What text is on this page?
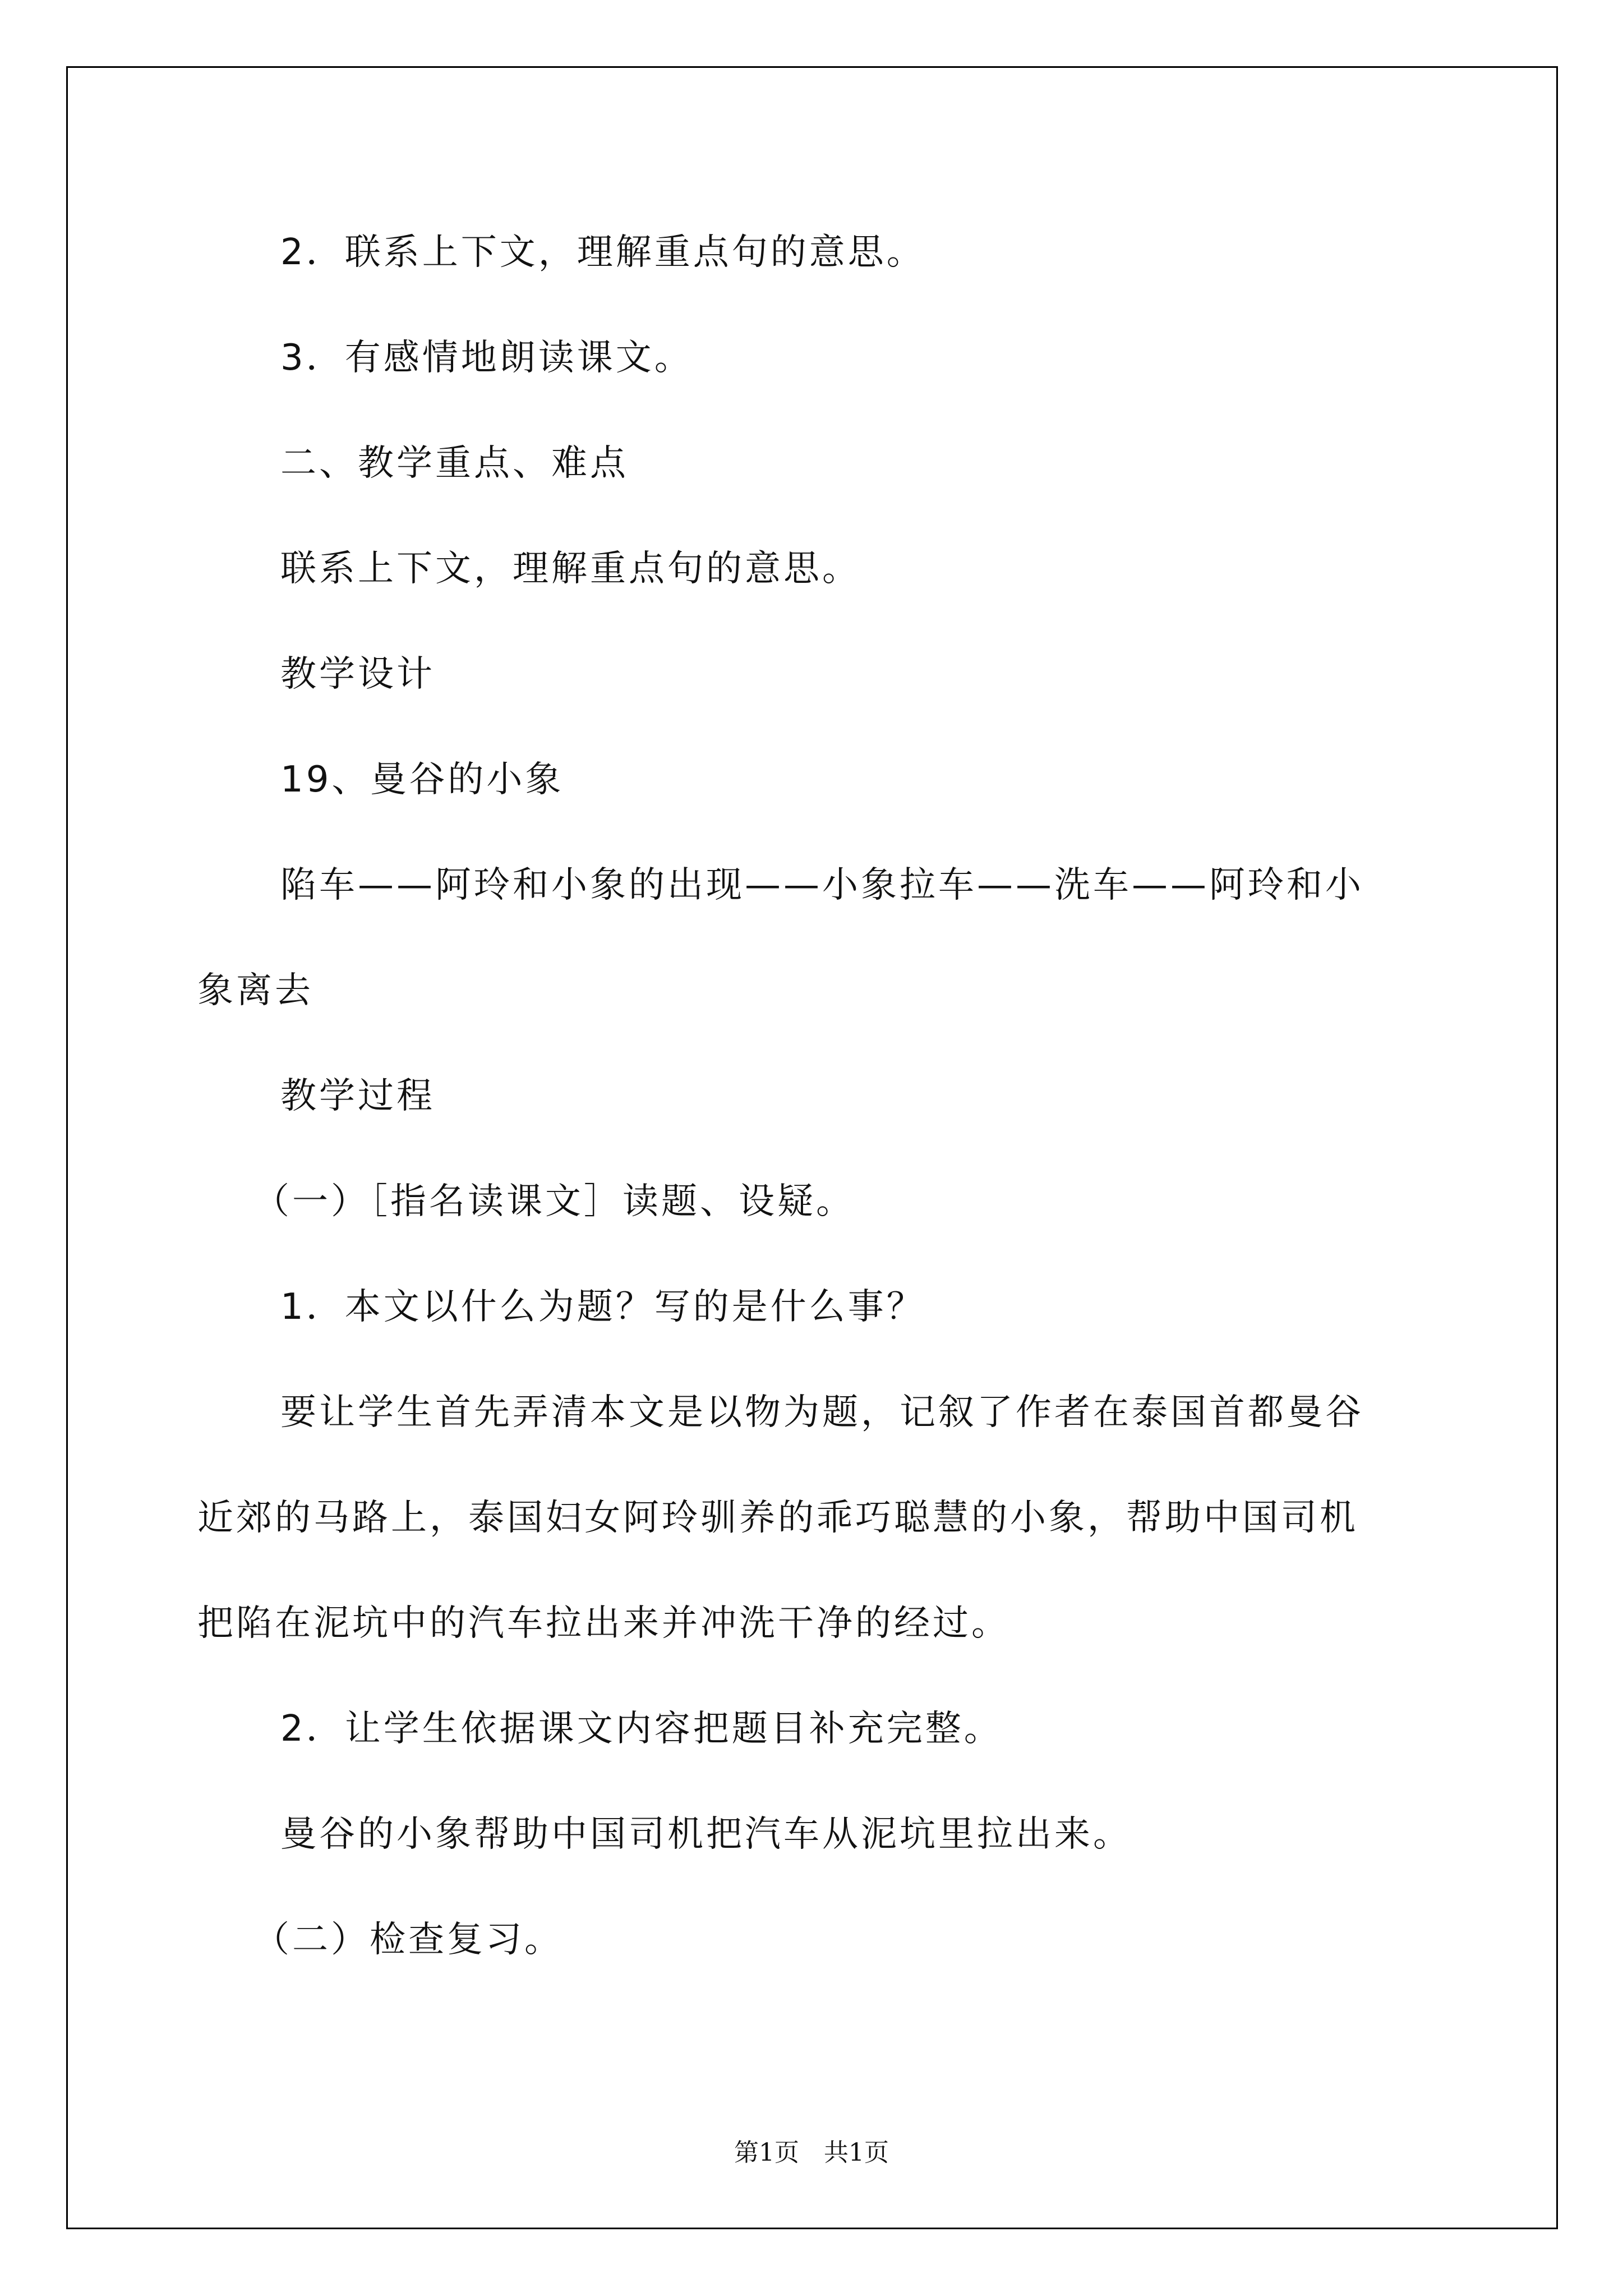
2．联系上下文，理解重点句的意思。
3．有感情地朗读课文。
二、教学重点、难点
联系上下文，理解重点句的意思。
教学设计
19、曼谷的小象
陷车——阿玲和小象的出现——小象拉车——洗车——阿玲和小
象离去
教学过程
（一）［指名读课文］读题、设疑。
1．本文以什么为题？写的是什么事？
要让学生首先弄清本文是以物为题，记叙了作者在泰国首都曼谷
近郊的马路上，泰国妇女阿玲驯养的乖巧聪慧的小象，帮助中国司机
把陷在泥坑中的汽车拉出来并冲洗干净的经过。
2．让学生依据课文内容把题目补充完整。
曼谷的小象帮助中国司机把汽车从泥坑里拉出来。
（二）检查复习。
第1页 共1页
